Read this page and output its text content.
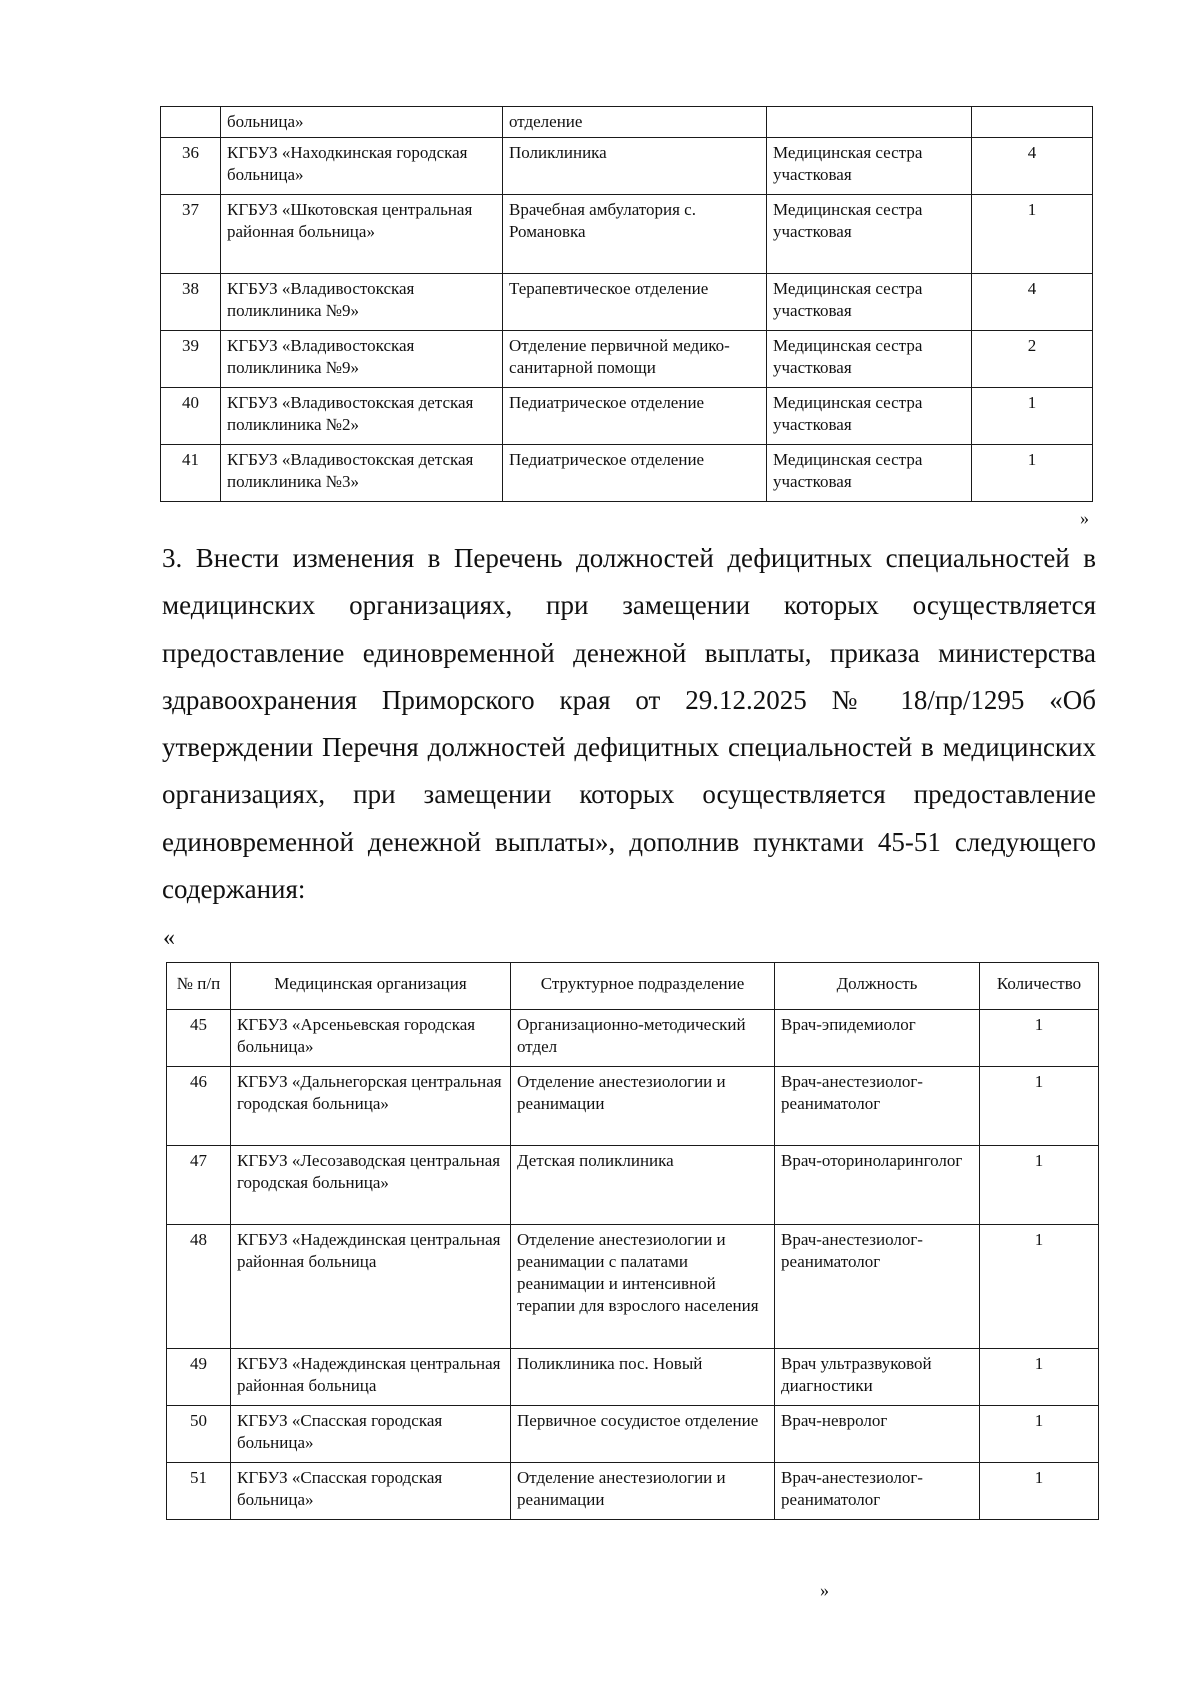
	больница»	отделение		
36	КГБУЗ «Находкинская городская больница»	Поликлиника	Медицинская сестра участковая	4
37	КГБУЗ «Шкотовская центральная районная больница»	Врачебная амбулатория с. Романовка	Медицинская сестра участковая	1
38	КГБУЗ «Владивостокская поликлиника №9»	Терапевтическое отделение	Медицинская сестра участковая	4
39	КГБУЗ «Владивостокская поликлиника №9»	Отделение первичной медико-санитарной помощи	Медицинская сестра участковая	2
40	КГБУЗ «Владивостокская детская поликлиника №2»	Педиатрическое отделение	Медицинская сестра участковая	1
41	КГБУЗ «Владивостокская детская поликлиника №3»	Педиатрическое отделение	Медицинская сестра участковая	1
»

3. Внести изменения в Перечень должностей дефицитных специальностей в медицинских организациях, при замещении которых осуществляется предоставление единовременной денежной выплаты, приказа министерства здравоохранения Приморского края от 29.12.2025 № 18/пр/1295 «Об утверждении Перечня должностей дефицитных специальностей в медицинских организациях, при замещении которых осуществляется предоставление единовременной денежной выплаты», дополнив пунктами 45-51 следующего содержания:

«
№ п/п	Медицинская организация	Структурное подразделение	Должность	Количество
45	КГБУЗ «Арсеньевская городская больница»	Организационно-методический отдел	Врач-эпидемиолог	1
46	КГБУЗ «Дальнегорская центральная городская больница»	Отделение анестезиологии и реанимации	Врач-анестезиолог-реаниматолог	1
47	КГБУЗ «Лесозаводская центральная городская больница»	Детская поликлиника	Врач-оториноларинголог	1
48	КГБУЗ «Надеждинская центральная районная больница	Отделение анестезиологии и реанимации с палатами реанимации и интенсивной терапии для взрослого населения	Врач-анестезиолог-реаниматолог	1
49	КГБУЗ «Надеждинская центральная районная больница	Поликлиника пос. Новый	Врач ультразвуковой диагностики	1
50	КГБУЗ «Спасская городская больница»	Первичное сосудистое отделение	Врач-невролог	1
51	КГБУЗ «Спасская городская больница»	Отделение анестезиологии и реанимации	Врач-анестезиолог-реаниматолог	1
»
